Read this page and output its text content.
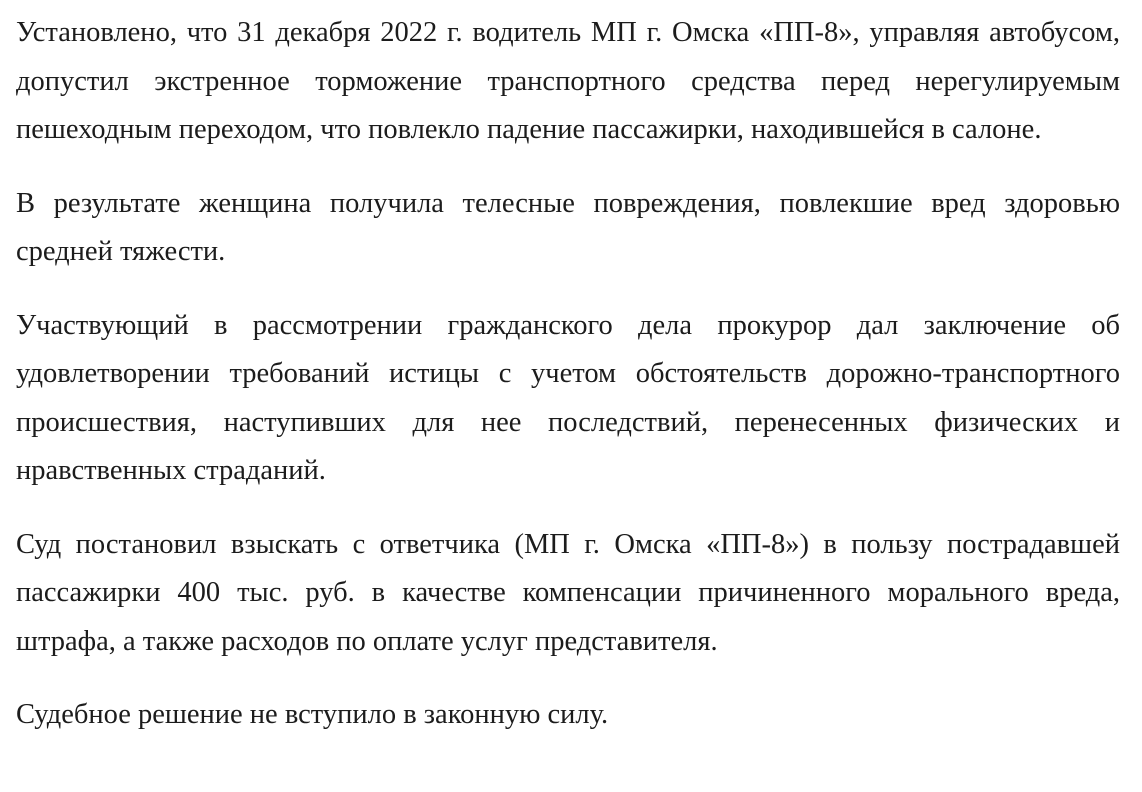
Установлено, что 31 декабря 2022 г. водитель МП г. Омска «ПП-8», управляя автобусом, допустил экстренное торможение транспортного средства перед нерегулируемым пешеходным переходом, что повлекло падение пассажирки, находившейся в салоне.

В результате женщина получила телесные повреждения, повлекшие вред здоровью средней тяжести.

Участвующий в рассмотрении гражданского дела прокурор дал заключение об удовлетворении требований истицы с учетом обстоятельств дорожно-транспортного происшествия, наступивших для нее последствий, перенесенных физических и нравственных страданий.

Суд постановил взыскать с ответчика (МП г. Омска «ПП-8») в пользу пострадавшей пассажирки 400 тыс. руб. в качестве компенсации причиненного морального вреда, штрафа, а также расходов по оплате услуг представителя.

Судебное решение не вступило в законную силу.
